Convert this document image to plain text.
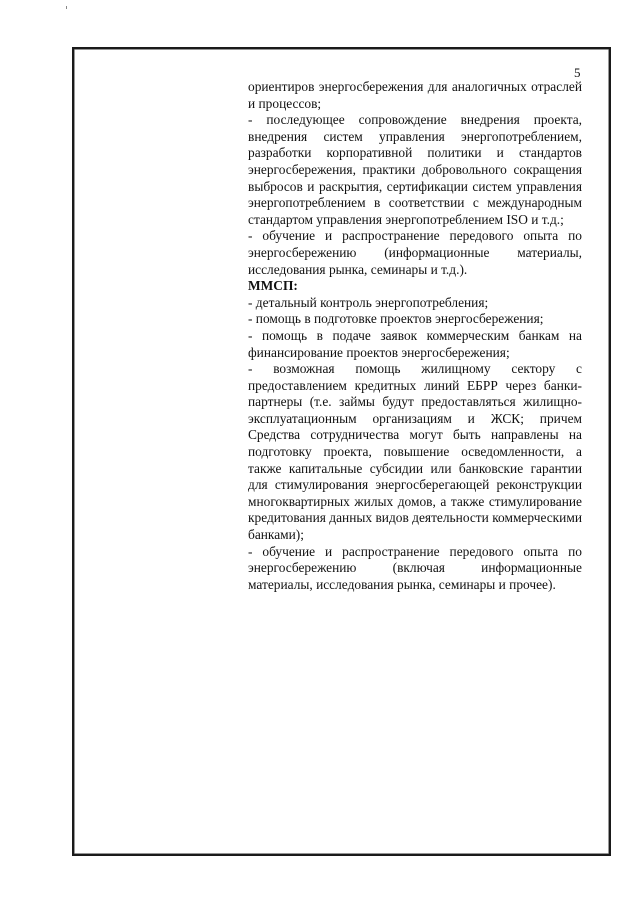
5

ориентиров энергосбережения для аналогичных отраслей и процессов;

- последующее сопровождение внедрения проекта, внедрения систем управления энергопотреблением, разработки корпоративной политики и стандартов энергосбережения, практики добровольного сокращения выбросов и раскрытия, сертификации систем управления энергопотреблением в соответствии с международным стандартом управления энергопотреблением ISO и т.д.;

- обучение и распространение передового опыта по энергосбережению (информационные материалы, исследования рынка, семинары и т.д.).

ММСП:

- детальный контроль энергопотребления;

- помощь в подготовке проектов энергосбережения;

- помощь в подаче заявок коммерческим банкам на финансирование проектов энергосбережения;

- возможная помощь жилищному сектору с предоставлением кредитных линий ЕБРР через банки-партнеры (т.е. займы будут предоставляться жилищно-эксплуатационным организациям и ЖСК; причем Средства сотрудничества могут быть направлены на подготовку проекта, повышение осведомленности, а также капитальные субсидии или банковские гарантии для стимулирования энергосберегающей реконструкции многоквартирных жилых домов, а также стимулирование кредитования данных видов деятельности коммерческими банками);

- обучение и распространение передового опыта по энергосбережению (включая информационные материалы, исследования рынка, семинары и прочее).
